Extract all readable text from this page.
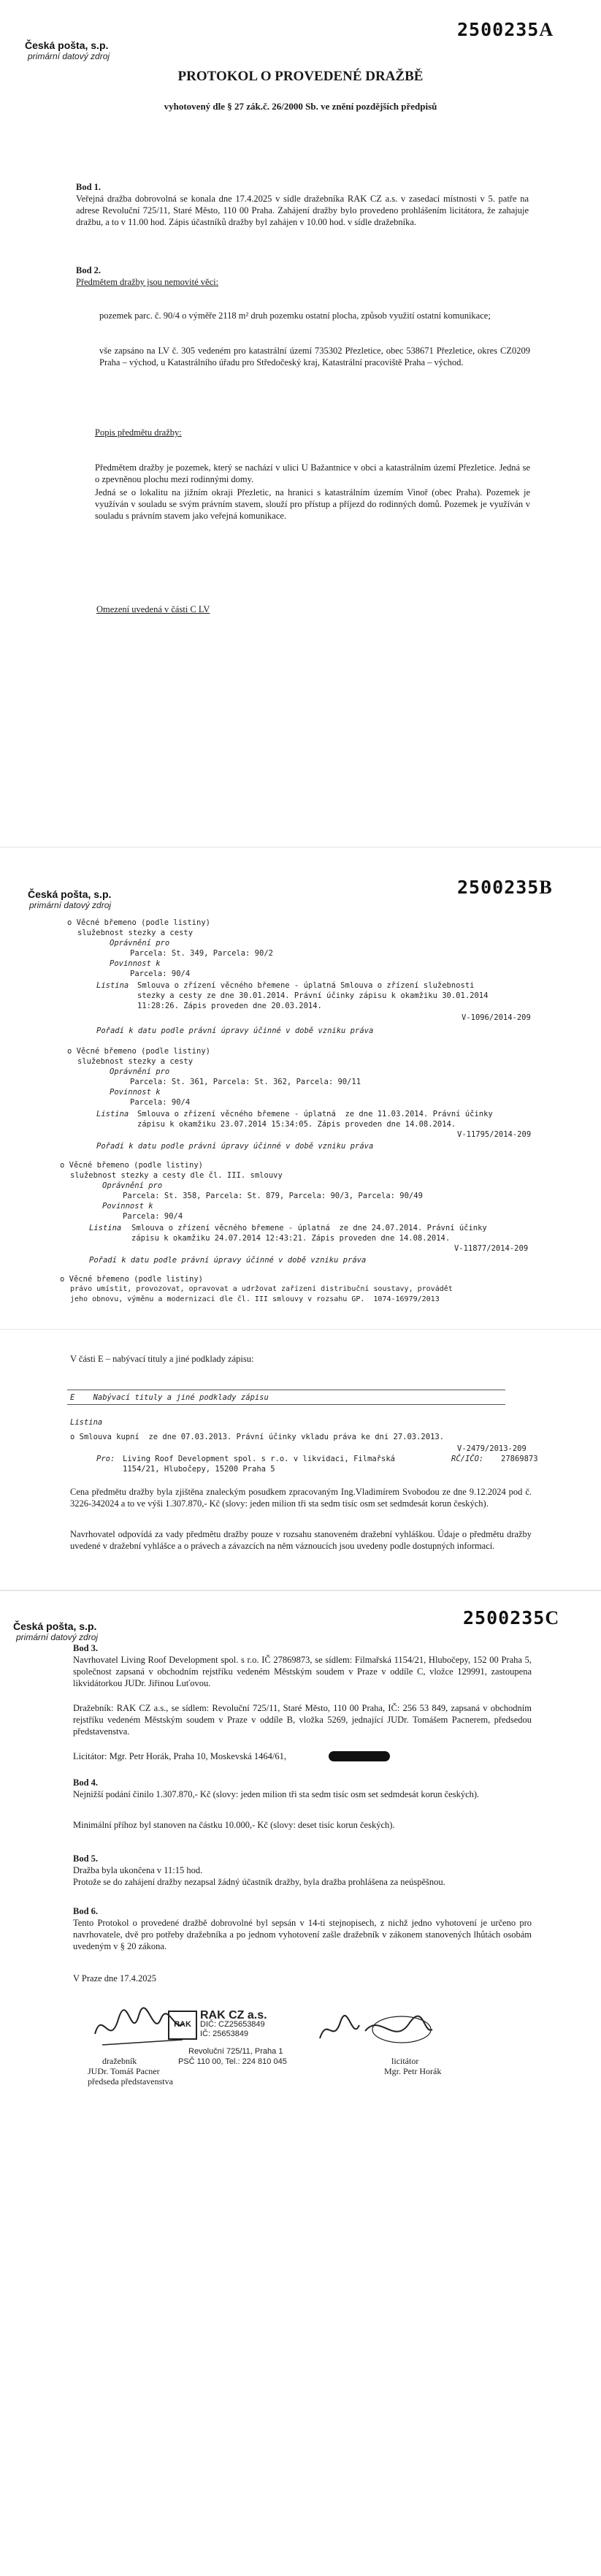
Česká pošta, s.p.
primární datový zdroj
2500235A
PROTOKOL O PROVEDENÉ DRAŽBĚ
vyhotovený dle § 27 zák.č. 26/2000 Sb. ve znění pozdějších předpisů
Bod 1.
Veřejná dražba dobrovolná se konala dne 17.4.2025 v sídle dražebníka RAK CZ a.s. v zasedací místnosti v 5. patře na adrese Revoluční 725/11, Staré Město, 110 00 Praha. Zahájení dražby bylo provedeno prohlášením licitátora, že zahajuje dražbu, a to v 11.00 hod. Zápis účastníků dražby byl zahájen v 10.00 hod. v sídle dražebníka.
Bod 2.
Předmětem dražby jsou nemovité věci:
pozemek parc. č. 90/4 o výměře 2118 m² druh pozemku ostatní plocha, způsob využití ostatní komunikace;
vše zapsáno na LV č. 305 vedeném pro katastrální území 735302 Přezletice, obec 538671 Přezletice, okres CZ0209 Praha – východ, u Katastrálního úřadu pro Středočeský kraj, Katastrální pracoviště Praha – východ.
Popis předmětu dražby:
Předmětem dražby je pozemek, který se nachází v ulici U Bažantnice v obci a katastrálním území Přezletice. Jedná se o zpevněnou plochu mezi rodinnými domy.
Jedná se o lokalitu na jižním okraji Přezletic, na hranici s katastrálním územím Vinoř (obec Praha). Pozemek je využíván v souladu se svým právním stavem, slouží pro přístup a příjezd do rodinných domů. Pozemek je využíván v souladu s právním stavem jako veřejná komunikace.
Omezení uvedená v části C LV
Česká pošta, s.p.
primární datový zdroj
2500235B
o Věcné břemeno (podle listiny)
služebnost stezky a cesty
Oprávnění pro
Parcela: St. 349, Parcela: 90/2
Povinnost k
Parcela: 90/4
Listina Smlouva o zřízení věcného břemene - úplatná Smlouva o zřízení služebnosti
stezky a cesty ze dne 30.01.2014. Právní účinky zápisu k okamžiku 30.01.2014
11:28:26. Zápis proveden dne 20.03.2014.
V-1096/2014-209
Pořadí k datu podle právní úpravy účinné v době vzniku práva
o Věcné břemeno (podle listiny)
služebnost stezky a cesty
Oprávnění pro
Parcela: St. 361, Parcela: St. 362, Parcela: 90/11
Povinnost k
Parcela: 90/4
Listina Smlouva o zřízení věcného břemene - úplatná  ze dne 11.03.2014. Právní účinky
zápisu k okamžiku 23.07.2014 15:34:05. Zápis proveden dne 14.08.2014.
V-11795/2014-209
Pořadí k datu podle právní úpravy účinné v době vzniku práva
o Věcné břemeno (podle listiny)
služebnost stezky a cesty dle čl. III. smlouvy
Oprávnění pro
Parcela: St. 358, Parcela: St. 879, Parcela: 90/3, Parcela: 90/49
Povinnost k
Parcela: 90/4
Listina Smlouva o zřízení věcného břemene - úplatná  ze dne 24.07.2014. Právní účinky
zápisu k okamžiku 24.07.2014 12:43:21. Zápis proveden dne 14.08.2014.
V-11877/2014-209
Pořadí k datu podle právní úpravy účinné v době vzniku práva
o Věcné břemeno (podle listiny)
právo umístit, provozovat, opravovat a udržovat zařízení distribuční soustavy, provádět
jeho obnovu, výměnu a modernizaci dle čl. III smlouvy v rozsahu GP.  1074-16979/2013
V části E – nabývací tituly a jiné podklady zápisu:
E    Nabývací tituly a jiné podklady zápisu
Listina
o Smlouva kupní  ze dne 07.03.2013. Právní účinky vkladu práva ke dni 27.03.2013.
V-2479/2013-209
Pro: Living Roof Development spol. s r.o. v likvidaci, Filmařská
1154/21, Hlubočepy, 15200 Praha 5
RČ/IČO: 27869873
Cena předmětu dražby byla zjištěna znaleckým posudkem zpracovaným Ing.Vladimírem Svobodou ze dne 9.12.2024 pod č. 3226-342024 a to ve výši 1.307.870,- Kč (slovy: jeden milion tři sta sedm tisíc osm set sedmdesát korun českých).
Navrhovatel odpovídá za vady předmětu dražby pouze v rozsahu stanoveném dražební vyhláškou. Údaje o předmětu dražby uvedené v dražební vyhlášce a o právech a závazcích na něm váznoucích jsou uvedeny podle dostupných informací.
Česká pošta, s.p.
primární datový zdroj
2500235C
Bod 3.
Navrhovatel Living Roof Development spol. s r.o. IČ 27869873, se sídlem: Filmařská 1154/21, Hlubočepy, 152 00 Praha 5, společnost zapsaná v obchodním rejstříku vedeném Městským soudem v Praze v oddíle C, vložce 129991, zastoupena likvidátorkou JUDr. Jiřinou Luťovou.
Dražebník: RAK CZ a.s., se sídlem: Revoluční 725/11, Staré Město, 110 00 Praha, IČ: 256 53 849, zapsaná v obchodním rejstříku vedeném Městským soudem v Praze v oddíle B, vložka 5269, jednající JUDr. Tomášem Pacnerem, předsedou představenstva.
Licitátor: Mgr. Petr Horák, Praha 10, Moskevská 1464/61,
Bod 4.
Nejnižší podání činilo 1.307.870,- Kč (slovy: jeden milion tři sta sedm tisíc osm set sedmdesát korun českých).
Minimální příhoz byl stanoven na částku 10.000,- Kč (slovy: deset tisíc korun českých).
Bod 5.
Dražba byla ukončena v 11:15 hod.
Protože se do zahájení dražby nezapsal žádný účastník dražby, byla dražba prohlášena za neúspěšnou.
Bod 6.
Tento Protokol o provedené dražbě dobrovolné byl sepsán v 14-ti stejnopisech, z nichž jedno vyhotovení je určeno pro navrhovatele, dvě pro potřeby dražebníka a po jednom vyhotovení zašle dražebník v zákonem stanovených lhůtách osobám uvedeným v § 20 zákona.
V Praze dne 17.4.2025
RAK
RAK CZ a.s.
DIČ: CZ25653849
IČ: 25653849
Revoluční 725/11, Praha 1
PSČ 110 00, Tel.: 224 810 045
dražebník
JUDr. Tomáš Pacner
předseda představenstva
licitátor
Mgr. Petr Horák
